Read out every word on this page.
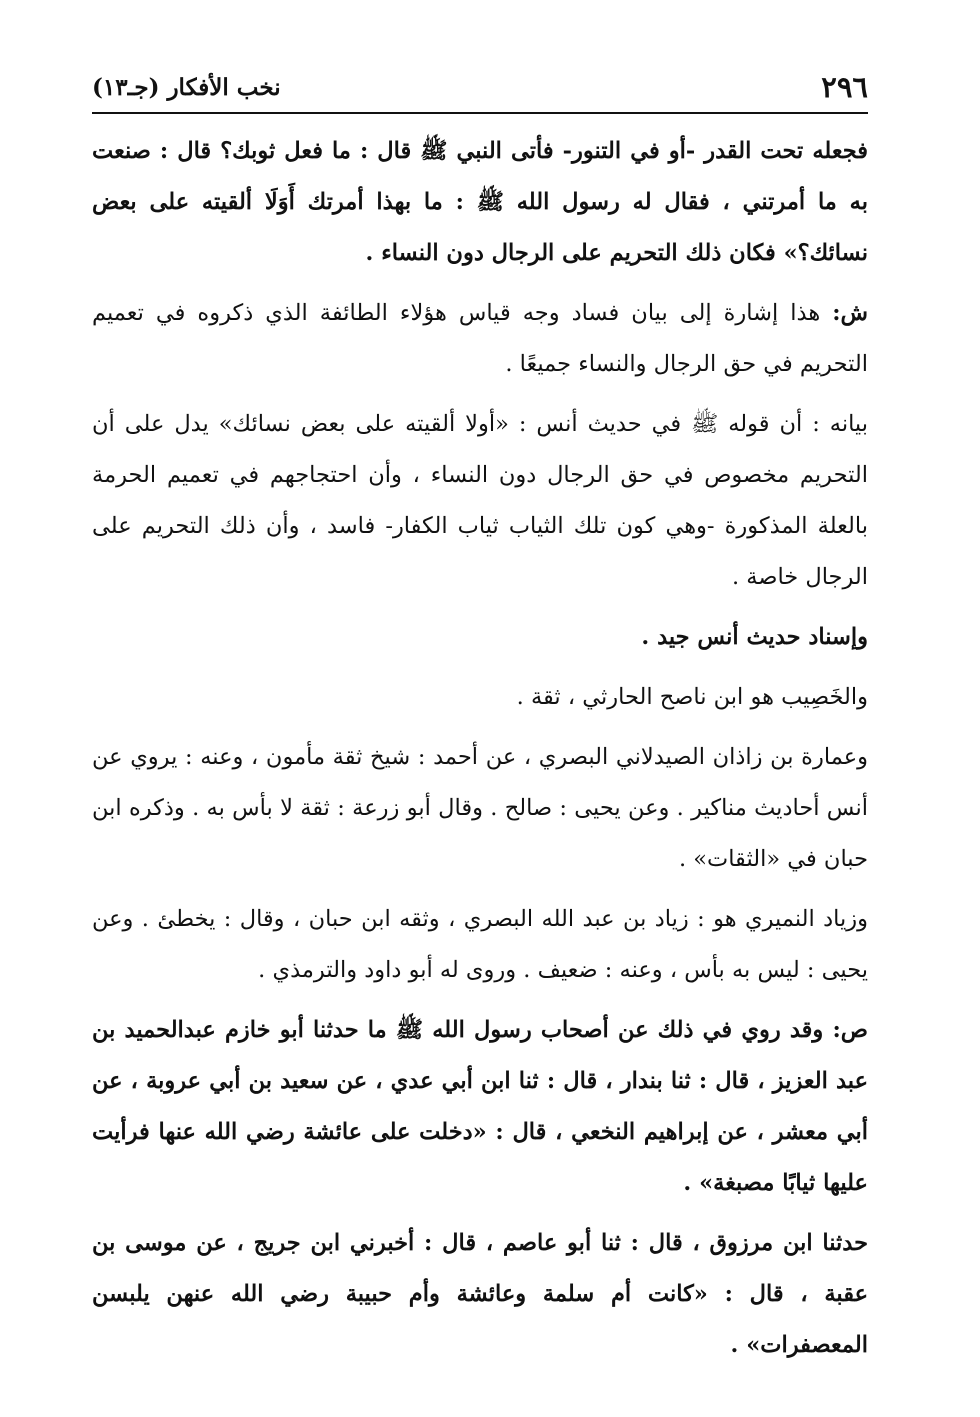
٢٩٦
نخب الأفكار (جـ١٣)

فجعله تحت القدر -أو في التنور- فأتى النبي ﷺ قال : ما فعل ثوبك؟ قال : صنعت به ما أمرتني ، فقال له رسول الله ﷺ : ما بهذا أمرتك أَوَلَا ألقيته على بعض نسائك؟» فكان ذلك التحريم على الرجال دون النساء .

ش: هذا إشارة إلى بيان فساد وجه قياس هؤلاء الطائفة الذي ذكروه في تعميم التحريم في حق الرجال والنساء جميعًا .

بيانه : أن قوله ﷺ في حديث أنس : «أولا ألقيته على بعض نسائك» يدل على أن التحريم مخصوص في حق الرجال دون النساء ، وأن احتجاجهم في تعميم الحرمة بالعلة المذكورة -وهي كون تلك الثياب ثياب الكفار- فاسد ، وأن ذلك التحريم على الرجال خاصة .

وإسناد حديث أنس جيد .

والخَصِيب هو ابن ناصح الحارثي ، ثقة .

وعمارة بن زاذان الصيدلاني البصري ، عن أحمد : شيخ ثقة مأمون ، وعنه : يروي عن أنس أحاديث مناكير . وعن يحيى : صالح . وقال أبو زرعة : ثقة لا بأس به . وذكره ابن حبان في «الثقات» .

وزياد النميري هو : زياد بن عبد الله البصري ، وثقه ابن حبان ، وقال : يخطئ . وعن يحيى : ليس به بأس ، وعنه : ضعيف . وروى له أبو داود والترمذي .

ص: وقد روي في ذلك عن أصحاب رسول الله ﷺ ما حدثنا أبو خازم عبدالحميد بن عبد العزيز ، قال : ثنا بندار ، قال : ثنا ابن أبي عدي ، عن سعيد بن أبي عروبة ، عن أبي معشر ، عن إبراهيم النخعي ، قال : «دخلت على عائشة رضي الله عنها فرأيت عليها ثيابًا مصبغة» .

حدثنا ابن مرزوق ، قال : ثنا أبو عاصم ، قال : أخبرني ابن جريج ، عن موسى بن عقبة ، قال : «كانت أم سلمة وعائشة وأم حبيبة رضي الله عنهن يلبسن المعصفرات» .
